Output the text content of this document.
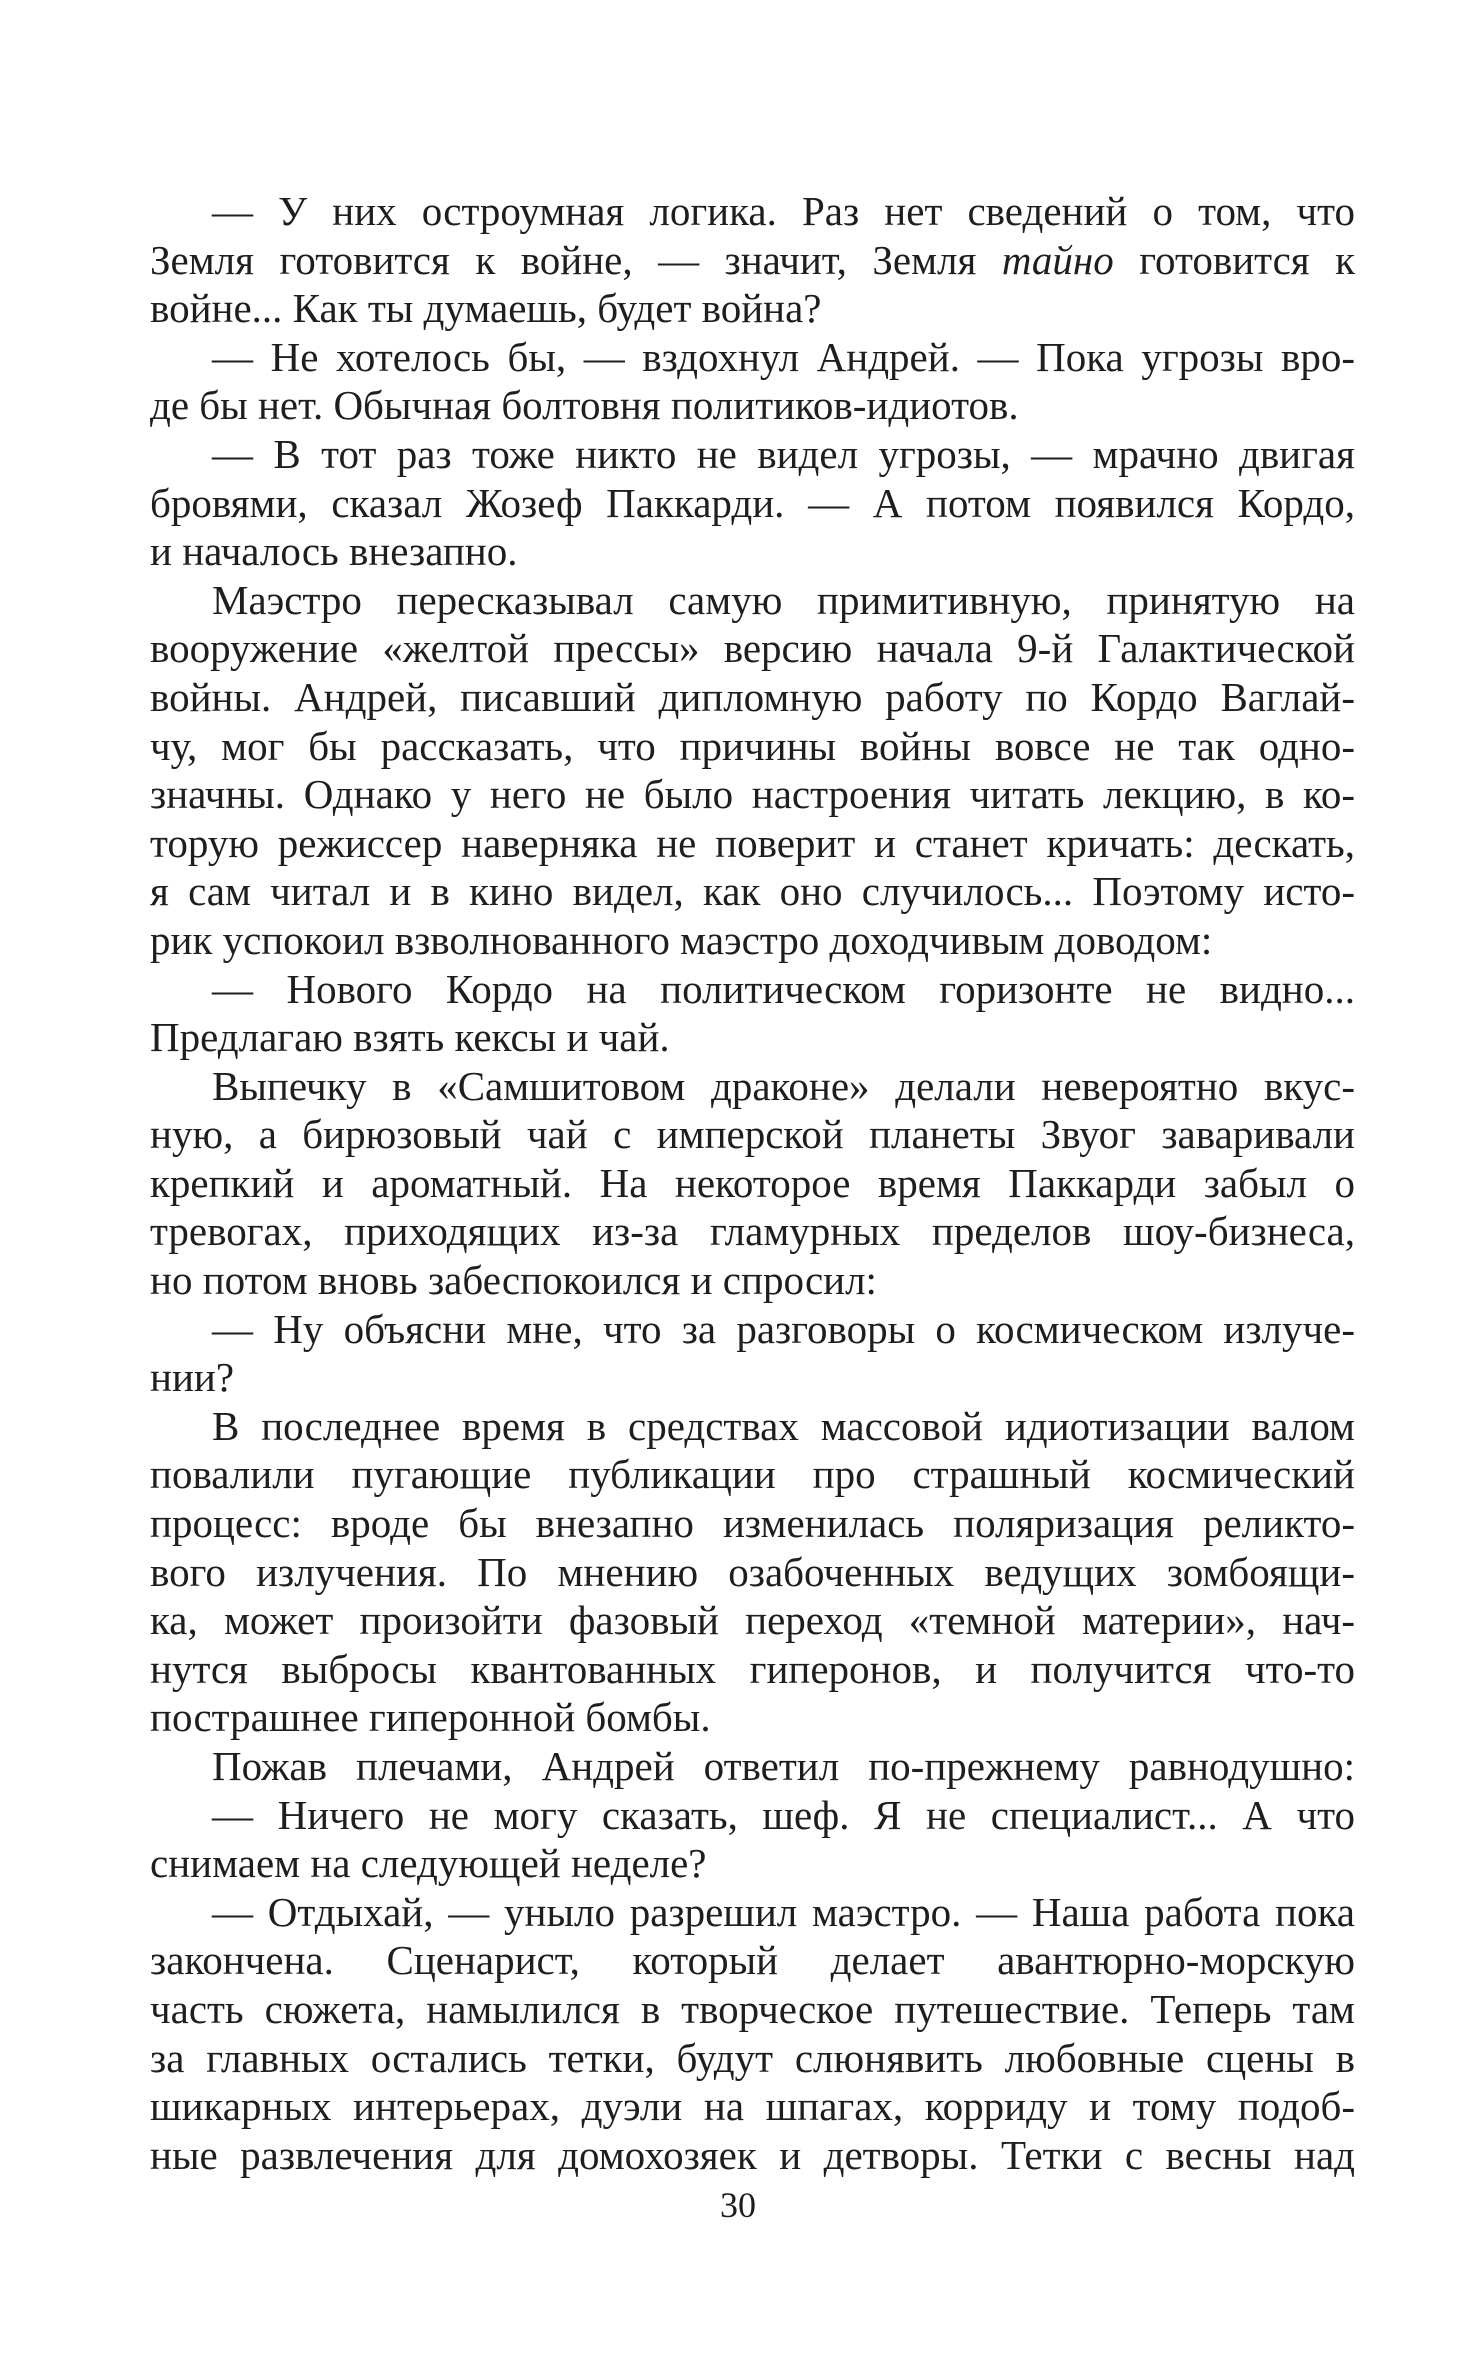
— У них остроумная логика. Раз нет сведений о том, что
Земля готовится к войне, — значит, Земля тайно готовится к
войне... Как ты думаешь, будет война?
— Не хотелось бы, — вздохнул Андрей. — Пока угрозы вро-
де бы нет. Обычная болтовня политиков-идиотов.
— В тот раз тоже никто не видел угрозы, — мрачно двигая
бровями, сказал Жозеф Паккарди. — А потом появился Кордо,
и началось внезапно.
Маэстро пересказывал самую примитивную, принятую на
вооружение «желтой прессы» версию начала 9-й Галактической
войны. Андрей, писавший дипломную работу по Кордо Ваглай-
чу, мог бы рассказать, что причины войны вовсе не так одно-
значны. Однако у него не было настроения читать лекцию, в ко-
торую режиссер наверняка не поверит и станет кричать: дескать,
я сам читал и в кино видел, как оно случилось... Поэтому исто-
рик успокоил взволнованного маэстро доходчивым доводом:
— Нового Кордо на политическом горизонте не видно...
Предлагаю взять кексы и чай.
Выпечку в «Самшитовом драконе» делали невероятно вкус-
ную, а бирюзовый чай с имперской планеты Звуог заваривали
крепкий и ароматный. На некоторое время Паккарди забыл о
тревогах, приходящих из-за гламурных пределов шоу-бизнеса,
но потом вновь забеспокоился и спросил:
— Ну объясни мне, что за разговоры о космическом излуче-
нии?
В последнее время в средствах массовой идиотизации валом
повалили пугающие публикации про страшный космический
процесс: вроде бы внезапно изменилась поляризация реликто-
вого излучения. По мнению озабоченных ведущих зомбоящи-
ка, может произойти фазовый переход «темной материи», нач-
нутся выбросы квантованных гиперонов, и получится что-то
пострашнее гиперонной бомбы.
Пожав плечами, Андрей ответил по-прежнему равнодушно:
— Ничего не могу сказать, шеф. Я не специалист... А что
снимаем на следующей неделе?
— Отдыхай, — уныло разрешил маэстро. — Наша работа пока
закончена. Сценарист, который делает авантюрно-морскую
часть сюжета, намылился в творческое путешествие. Теперь там
за главных остались тетки, будут слюнявить любовные сцены в
шикарных интерьерах, дуэли на шпагах, корриду и тому подоб-
ные развлечения для домохозяек и детворы. Тетки с весны над
30
